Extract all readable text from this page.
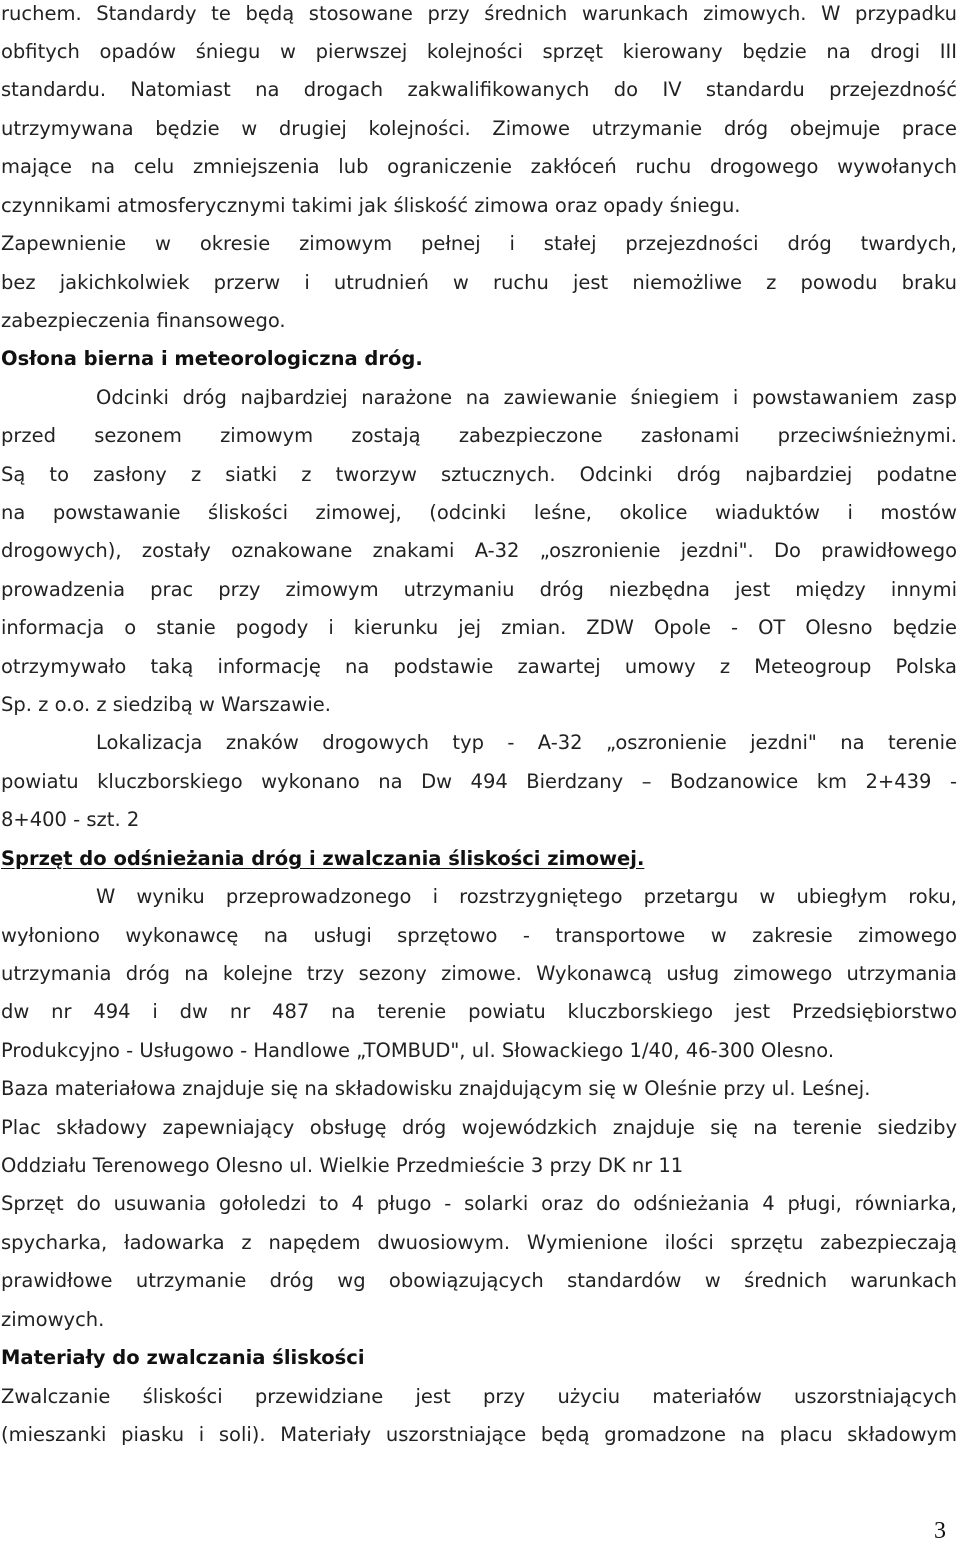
ruchem. Standardy te będą stosowane przy średnich warunkach zimowych. W przypadku
obfitych opadów śniegu w pierwszej kolejności sprzęt kierowany będzie na drogi III
standardu. Natomiast na drogach zakwalifikowanych do IV standardu przejezdność
utrzymywana będzie w drugiej kolejności. Zimowe utrzymanie dróg obejmuje prace
mające na celu zmniejszenia lub ograniczenie zakłóceń ruchu drogowego wywołanych
czynnikami atmosferycznymi takimi jak śliskość zimowa oraz opady śniegu.
Zapewnienie w okresie zimowym pełnej i stałej przejezdności dróg twardych,
bez jakichkolwiek przerw i utrudnień w ruchu jest niemożliwe z powodu braku
zabezpieczenia finansowego.
Osłona bierna i meteorologiczna dróg.
Odcinki dróg najbardziej narażone na zawiewanie śniegiem i powstawaniem zasp
przed sezonem zimowym zostają zabezpieczone zasłonami przeciwśnieżnymi.
Są to zasłony z siatki z tworzyw sztucznych. Odcinki dróg najbardziej podatne
na powstawanie śliskości zimowej, (odcinki leśne, okolice wiaduktów i mostów
drogowych), zostały oznakowane znakami A-32 „oszronienie jezdni". Do prawidłowego
prowadzenia prac przy zimowym utrzymaniu dróg niezbędna jest między innymi
informacja o stanie pogody i kierunku jej zmian. ZDW Opole - OT Olesno będzie
otrzymywało taką informację na podstawie zawartej umowy z Meteogroup Polska
Sp. z o.o. z siedzibą w Warszawie.
Lokalizacja znaków drogowych typ - A-32 „oszronienie jezdni" na terenie
powiatu kluczborskiego wykonano na Dw 494 Bierdzany – Bodzanowice km 2+439 -
8+400 - szt. 2
Sprzęt do odśnieżania dróg i zwalczania śliskości zimowej.
W wyniku przeprowadzonego i rozstrzygniętego przetargu w ubiegłym roku,
wyłoniono wykonawcę na usługi sprzętowo - transportowe w zakresie zimowego
utrzymania dróg na kolejne trzy sezony zimowe. Wykonawcą usług zimowego utrzymania
dw nr 494 i dw nr 487 na terenie powiatu kluczborskiego jest Przedsiębiorstwo
Produkcyjno - Usługowo - Handlowe „TOMBUD", ul. Słowackiego 1/40, 46-300 Olesno.
Baza materiałowa znajduje się na składowisku znajdującym się w Oleśnie przy ul. Leśnej.
Plac składowy zapewniający obsługę dróg wojewódzkich znajduje się na terenie siedziby
Oddziału Terenowego Olesno ul. Wielkie Przedmieście 3 przy DK nr 11
Sprzęt do usuwania gołoledzi to 4 pługo - solarki oraz do odśnieżania 4 pługi, równiarka,
spycharka, ładowarka z napędem dwuosiowym. Wymienione ilości sprzętu zabezpieczają
prawidłowe utrzymanie dróg wg obowiązujących standardów w średnich warunkach
zimowych.
Materiały do zwalczania śliskości
Zwalczanie śliskości przewidziane jest przy użyciu materiałów uszorstniających
(mieszanki piasku i soli). Materiały uszorstniające będą gromadzone na placu składowym
3
